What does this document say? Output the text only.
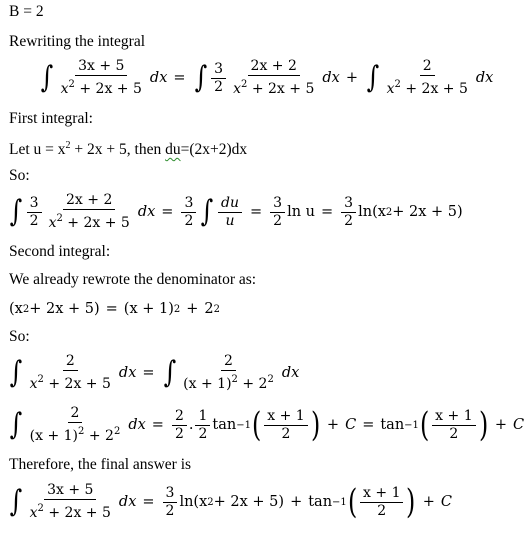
B = 2
Rewriting the integral
∫ $\frac{3x + 5}{x^2 + 2x + 5}$ dx = ∫ $\frac{3}{2} \frac{2x + 2}{x^2 + 2x + 5}$ dx + ∫ $\frac{2}{x^2 + 2x + 5}$ dx
First integral:
Let $u = x^2 + 2x + 5$, then du=(2x+2)dx
So:
∫ $\frac{3}{2} \frac{2x + 2}{x^2 + 2x + 5}$ dx = $\frac{3}{2}$ ∫ $\frac{du}{u} = \frac{3}{2}$ $\ln u = \frac{3}{2} \ln(x$ 2 + 2x + 5)
Second integral:
We already rewrote the denominator as:
(x 2 + 2x + 5) = (x + 1) 2 + 2 2
So:
∫ $\frac{2}{x^2 + 2x + 5}$ dx = ∫ $\frac{2}{(x + 1)^2 + 2^2}$ dx
∫ $\frac{2}{(x + 1)^2 + 2^2}$ dx = $\frac{2}{2}$ . $\frac{1}{2}$ tan −1 ( $\frac{x + 1}{2}$ ) + C = tan −1 ( $\frac{x + 1}{2}$ ) + C
Therefore, the final answer is
∫ $\frac{3x + 5}{x^2 + 2x + 5}$ dx = $\frac{3}{2} \ln(x$ 2 + 2x + 5) + tan −1 ( $\frac{x + 1}{2}$ ) + C
